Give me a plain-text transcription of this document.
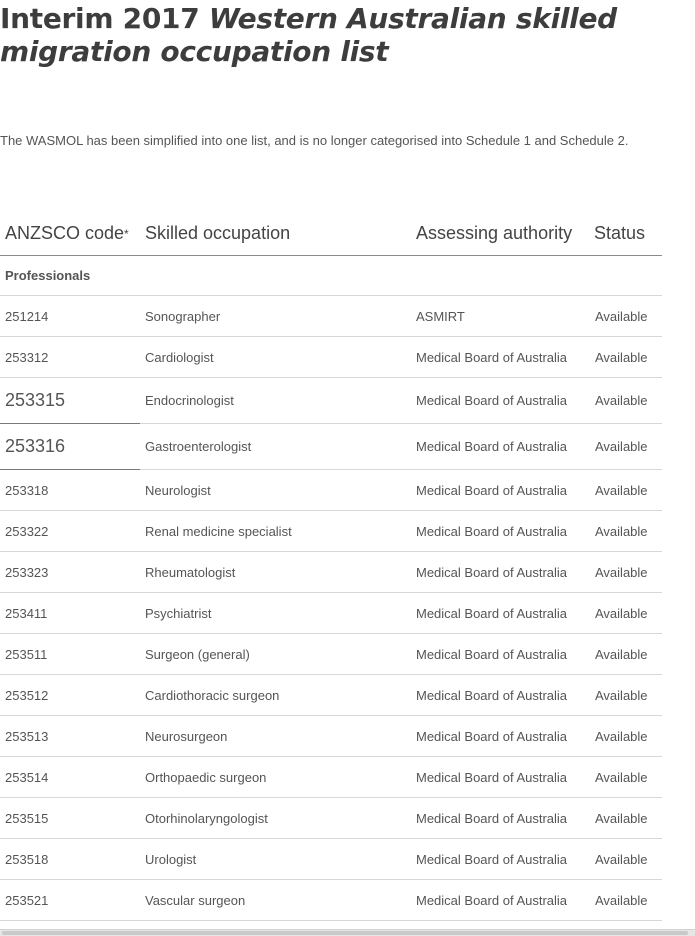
Interim 2017 Western Australian skilled
migration occupation list

The WASMOL has been simplified into one list, and is no longer categorised into Schedule 1 and Schedule 2.

ANZSCO code* Skilled occupation	Assessing authority Status
Professionals
251214	Sonographer	ASMIRT	Available
253312	Cardiologist	Medical Board of Australia Available
253315	Endocrinologist	Medical Board of Australia Available
253316	Gastroenterologist	Medical Board of Australia Available
253318	Neurologist	Medical Board of Australia Available
253322	Renal medicine specialist	Medical Board of Australia Available
253323	Rheumatologist	Medical Board of Australia Available
253411	Psychiatrist	Medical Board of Australia Available
253511	Surgeon (general)	Medical Board of Australia Available
253512	Cardiothoracic surgeon	Medical Board of Australia Available
253513	Neurosurgeon	Medical Board of Australia Available
253514	Orthopaedic surgeon	Medical Board of Australia Available
253515	Otorhinolaryngologist	Medical Board of Australia Available
253518	Urologist	Medical Board of Australia Available
253521	Vascular surgeon	Medical Board of Australia Available
